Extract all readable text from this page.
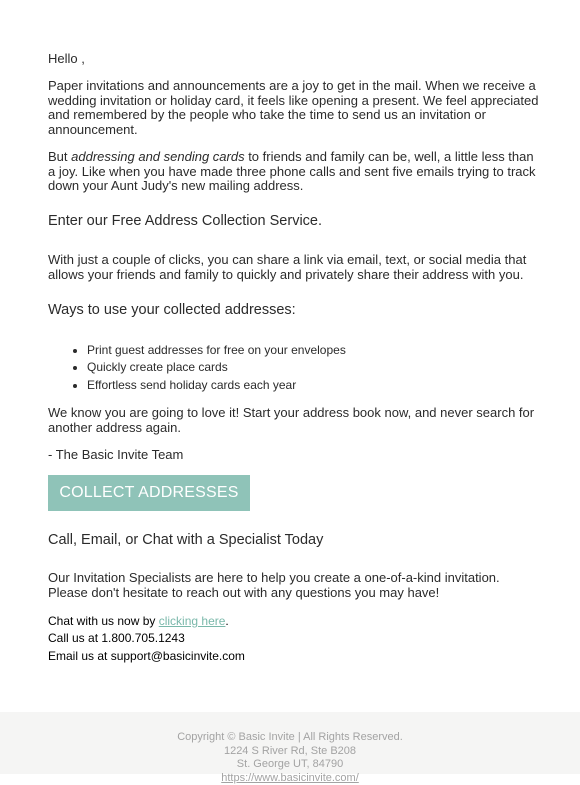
Hello ,

Paper invitations and announcements are a joy to get in the mail. When we receive a wedding invitation or holiday card, it feels like opening a present. We feel appreciated and remembered by the people who take the time to send us an invitation or announcement.

But addressing and sending cards to friends and family can be, well, a little less than a joy. Like when you have made three phone calls and sent five emails trying to track down your Aunt Judy's new mailing address.

Enter our Free Address Collection Service.

With just a couple of clicks, you can share a link via email, text, or social media that allows your friends and family to quickly and privately share their address with you.

Ways to use your collected addresses:

• Print guest addresses for free on your envelopes
• Quickly create place cards
• Effortless send holiday cards each year

We know you are going to love it! Start your address book now, and never search for another address again.

- The Basic Invite Team

COLLECT ADDRESSES

Call, Email, or Chat with a Specialist Today

Our Invitation Specialists are here to help you create a one-of-a-kind invitation. Please don't hesitate to reach out with any questions you may have!

Chat with us now by clicking here.
Call us at 1.800.705.1243
Email us at support@basicinvite.com
Copyright © Basic Invite | All Rights Reserved.
1224 S River Rd, Ste B208
St. George UT, 84790
https://www.basicinvite.com/
